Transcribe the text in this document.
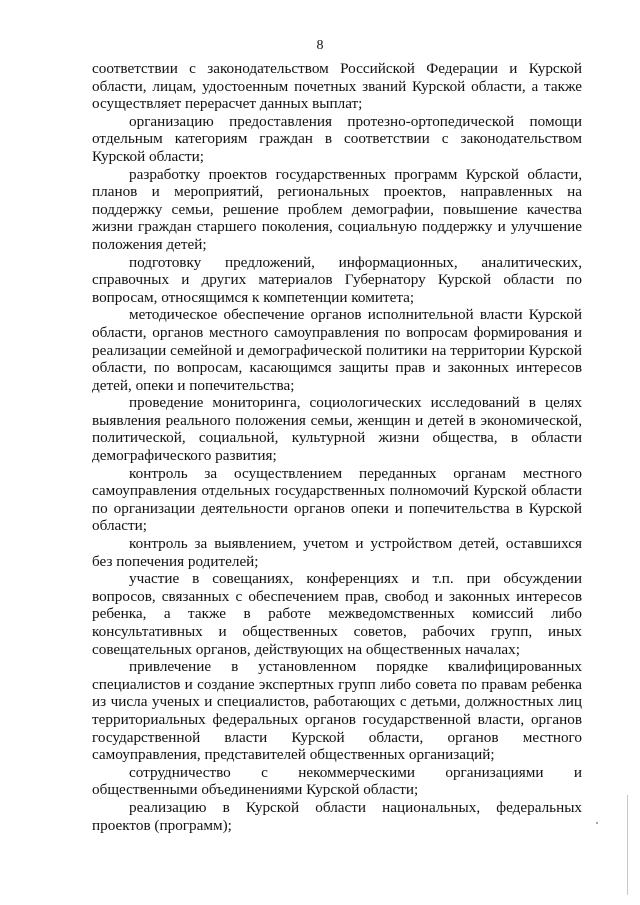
8

соответствии с законодательством Российской Федерации и Курской области, лицам, удостоенным почетных званий Курской области, а также осуществляет перерасчет данных выплат;

организацию предоставления протезно-ортопедической помощи отдельным категориям граждан в соответствии с законодательством Курской области;

разработку проектов государственных программ Курской области, планов и мероприятий, региональных проектов, направленных на поддержку семьи, решение проблем демографии, повышение качества жизни граждан старшего поколения, социальную поддержку и улучшение положения детей;

подготовку предложений, информационных, аналитических, справочных и других материалов Губернатору Курской области по вопросам, относящимся к компетенции комитета;

методическое обеспечение органов исполнительной власти Курской области, органов местного самоуправления по вопросам формирования и реализации семейной и демографической политики на территории Курской области, по вопросам, касающимся защиты прав и законных интересов детей, опеки и попечительства;

проведение мониторинга, социологических исследований в целях выявления реального положения семьи, женщин и детей в экономической, политической, социальной, культурной жизни общества, в области демографического развития;

контроль за осуществлением переданных органам местного самоуправления отдельных государственных полномочий Курской области по организации деятельности органов опеки и попечительства в Курской области;

контроль за выявлением, учетом и устройством детей, оставшихся без попечения родителей;

участие в совещаниях, конференциях и т.п. при обсуждении вопросов, связанных с обеспечением прав, свобод и законных интересов ребенка, а также в работе межведомственных комиссий либо консультативных и общественных советов, рабочих групп, иных совещательных органов, действующих на общественных началах;

привлечение в установленном порядке квалифицированных специалистов и создание экспертных групп либо совета по правам ребенка из числа ученых и специалистов, работающих с детьми, должностных лиц территориальных федеральных органов государственной власти, органов государственной власти Курской области, органов местного самоуправления, представителей общественных организаций;

сотрудничество с некоммерческими организациями и общественными объединениями Курской области;

реализацию в Курской области национальных, федеральных проектов (программ);
